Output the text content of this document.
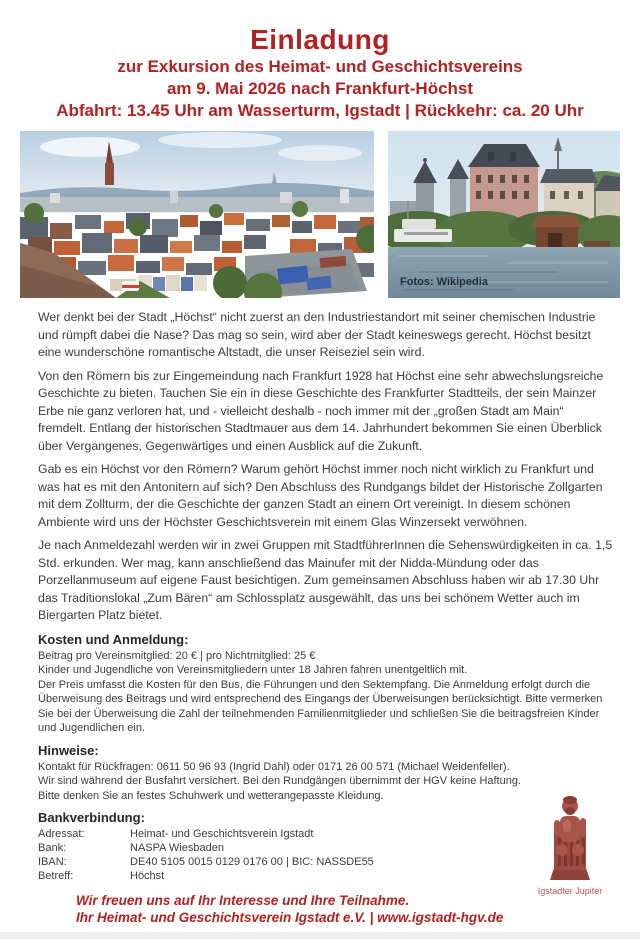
Einladung
zur Exkursion des Heimat- und Geschichtsvereins
am 9. Mai 2026 nach Frankfurt-Höchst
Abfahrt: 13.45 Uhr am Wasserturm, Igstadt | Rückkehr: ca. 20 Uhr
Fotos: Wikipedia

Wer denkt bei der Stadt „Höchst“ nicht zuerst an den Industriestandort mit seiner chemischen Industrie und rümpft dabei die Nase? Das mag so sein, wird aber der Stadt keineswegs gerecht. Höchst besitzt eine wunderschöne romantische Altstadt, die unser Reiseziel sein wird.

Von den Römern bis zur Eingemeindung nach Frankfurt 1928 hat Höchst eine sehr abwechslungsreiche Geschichte zu bieten. Tauchen Sie ein in diese Geschichte des Frankfurter Stadtteils, der sein Mainzer Erbe nie ganz verloren hat, und - vielleicht deshalb - noch immer mit der „großen Stadt am Main“ fremdelt. Entlang der historischen Stadtmauer aus dem 14. Jahrhundert bekommen Sie einen Überblick über Vergangenes, Gegenwärtiges und einen Ausblick auf die Zukunft.

Gab es ein Höchst vor den Römern? Warum gehört Höchst immer noch nicht wirklich zu Frankfurt und was hat es mit den Antonitern auf sich? Den Abschluss des Rundgangs bildet der Historische Zollgarten mit dem Zollturm, der die Geschichte der ganzen Stadt an einem Ort vereinigt. In diesem schönen Ambiente wird uns der Höchster Geschichtsverein mit einem Glas Winzersekt verwöhnen.

Je nach Anmeldezahl werden wir in zwei Gruppen mit StadtführerInnen die Sehenswürdigkeiten in ca. 1,5 Std. erkunden. Wer mag, kann anschließend das Mainufer mit der Nidda-Mündung oder das Porzellanmuseum auf eigene Faust besichtigen. Zum gemeinsamen Abschluss haben wir ab 17.30 Uhr das Traditionslokal „Zum Bären“ am Schlossplatz ausgewählt, das uns bei schönem Wetter auch im Biergarten Platz bietet.

Kosten und Anmeldung:
Beitrag pro Vereinsmitglied: 20 € | pro Nichtmitglied: 25 €
Kinder und Jugendliche von Vereinsmitgliedern unter 18 Jahren fahren unentgeltlich mit.
Der Preis umfasst die Kosten für den Bus, die Führungen und den Sektempfang. Die Anmeldung erfolgt durch die Überweisung des Beitrags und wird entsprechend des Eingangs der Überweisungen berücksichtigt. Bitte vermerken Sie bei der Überweisung die Zahl der teilnehmenden Familienmitglieder und schließen Sie die beitragsfreien Kinder und Jugendlichen ein.
Hinweise:
Kontakt für Rückfragen: 0611 50 96 93 (Ingrid Dahl) oder 0171 26 00 571 (Michael Weidenfeller).
Wir sind während der Busfahrt versichert. Bei den Rundgängen übernimmt der HGV keine Haftung.
Bitte denken Sie an festes Schuhwerk und wetterangepasste Kleidung.
Bankverbindung:
Adressat:	Heimat- und Geschichtsverein Igstadt
Bank:	NASPA Wiesbaden
IBAN:	DE40 5105 0015 0129 0176 00 | BIC: NASSDE55
Betreff:	Höchst
Wir freuen uns auf Ihr Interesse und Ihre Teilnahme.
Ihr Heimat- und Geschichtsverein Igstadt e.V. | www.igstadt-hgv.de
Igstadter Jupiter
